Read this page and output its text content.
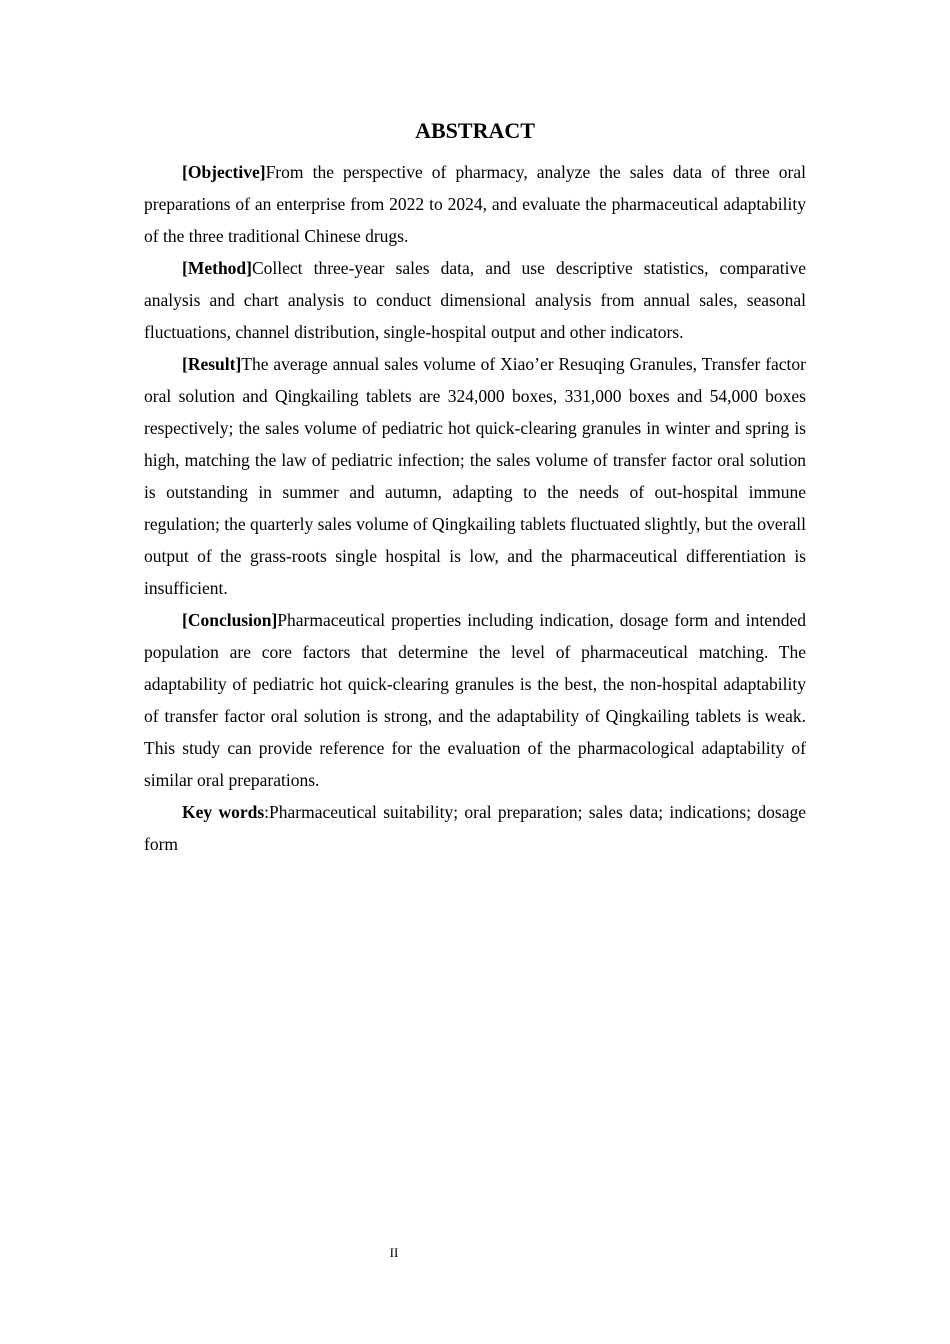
ABSTRACT

[Objective]From the perspective of pharmacy, analyze the sales data of three oral preparations of an enterprise from 2022 to 2024, and evaluate the pharmaceutical adaptability of the three traditional Chinese drugs.

[Method]Collect three-year sales data, and use descriptive statistics, comparative analysis and chart analysis to conduct dimensional analysis from annual sales, seasonal fluctuations, channel distribution, single-hospital output and other indicators.

[Result]The average annual sales volume of Xiao’er Resuqing Granules, Transfer factor oral solution and Qingkailing tablets are 324,000 boxes, 331,000 boxes and 54,000 boxes respectively; the sales volume of pediatric hot quick-clearing granules in winter and spring is high, matching the law of pediatric infection; the sales volume of transfer factor oral solution is outstanding in summer and autumn, adapting to the needs of out-hospital immune regulation; the quarterly sales volume of Qingkailing tablets fluctuated slightly, but the overall output of the grass-roots single hospital is low, and the pharmaceutical differentiation is insufficient.

[Conclusion]Pharmaceutical properties including indication, dosage form and intended population are core factors that determine the level of pharmaceutical matching. The adaptability of pediatric hot quick-clearing granules is the best, the non-hospital adaptability of transfer factor oral solution is strong, and the adaptability of Qingkailing tablets is weak. This study can provide reference for the evaluation of the pharmacological adaptability of similar oral preparations.

Key words:Pharmaceutical suitability; oral preparation; sales data; indications; dosage form

II
